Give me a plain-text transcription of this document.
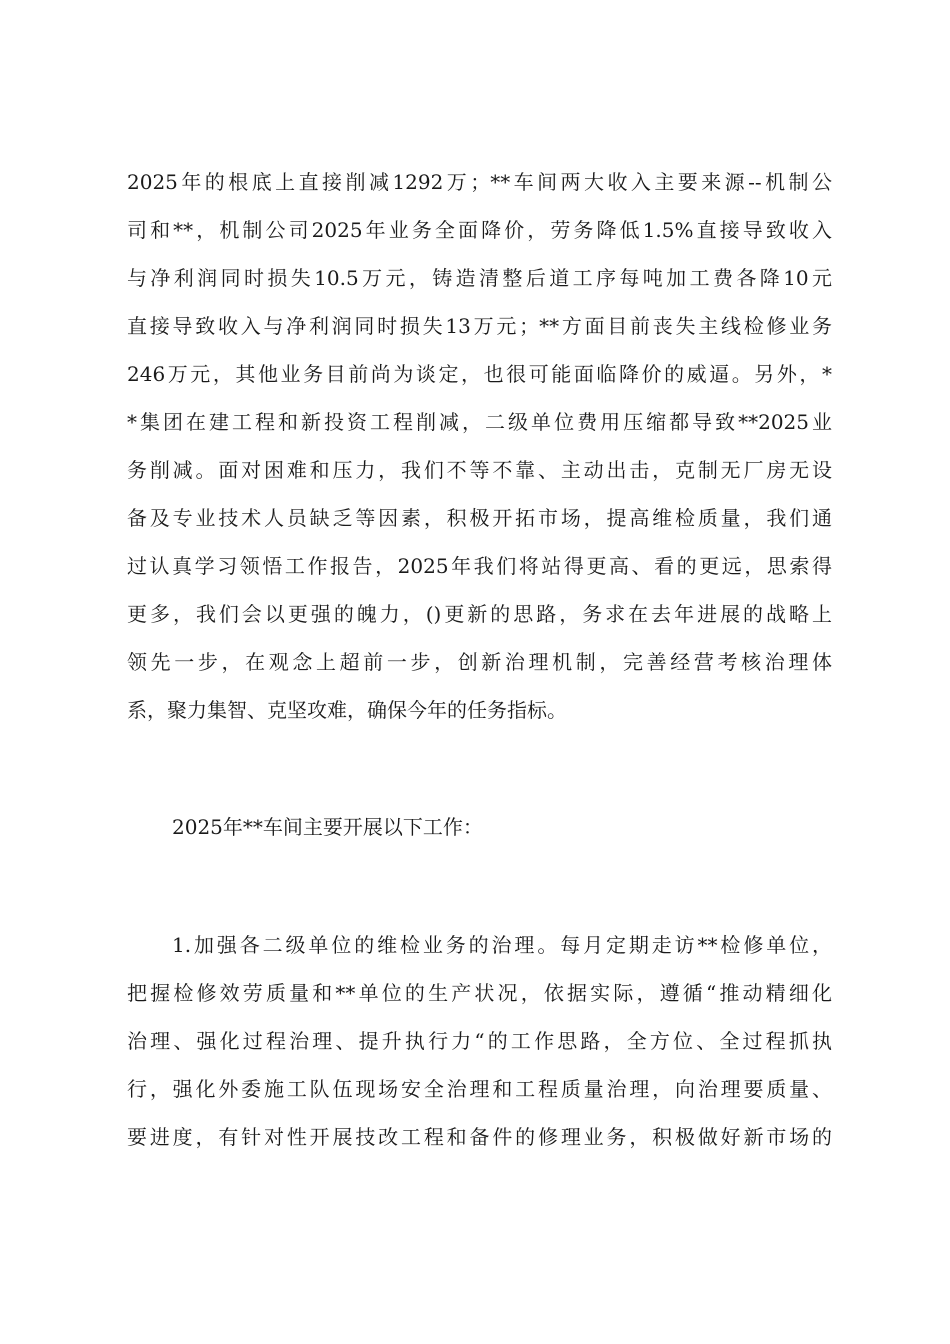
2025年的根底上直接削减1292万；**车间两大收入主要来源--机制公
司和**，机制公司2025年业务全面降价，劳务降低1.5%直接导致收入
与净利润同时损失10.5万元，铸造清整后道工序每吨加工费各降10元
直接导致收入与净利润同时损失13万元；**方面目前丧失主线检修业务
246万元，其他业务目前尚为谈定，也很可能面临降价的威逼。另外，*
*集团在建工程和新投资工程削减，二级单位费用压缩都导致**2025业
务削减。面对困难和压力，我们不等不靠、主动出击，克制无厂房无设
备及专业技术人员缺乏等因素，积极开拓市场，提高维检质量，我们通
过认真学习领悟工作报告，2025年我们将站得更高、看的更远，思索得
更多，我们会以更强的魄力，()更新的思路，务求在去年进展的战略上
领先一步，在观念上超前一步，创新治理机制，完善经营考核治理体
系，聚力集智、克坚攻难，确保今年的任务指标。
2025年**车间主要开展以下工作：
1.加强各二级单位的维检业务的治理。每月定期走访**检修单位，
把握检修效劳质量和**单位的生产状况，依据实际，遵循“推动精细化
治理、强化过程治理、提升执行力“的工作思路，全方位、全过程抓执
行，强化外委施工队伍现场安全治理和工程质量治理，向治理要质量、
要进度，有针对性开展技改工程和备件的修理业务，积极做好新市场的
